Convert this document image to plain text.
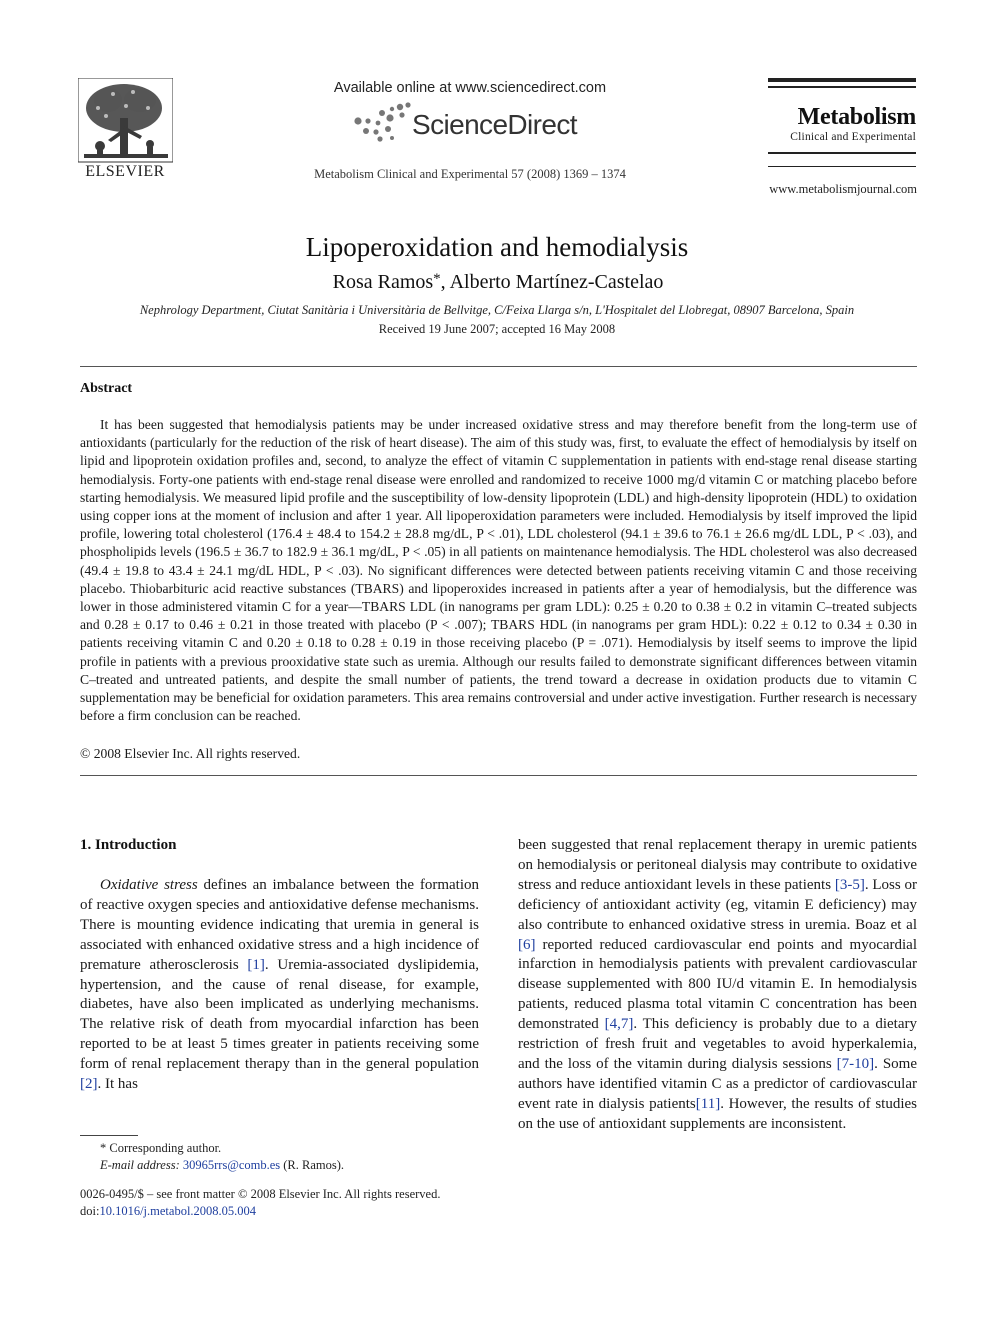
ELSEVIER
Available online at www.sciencedirect.com
ScienceDirect
Metabolism Clinical and Experimental 57 (2008) 1369 – 1374
Metabolism
Clinical and Experimental
www.metabolismjournal.com
Lipoperoxidation and hemodialysis
Rosa Ramos*, Alberto Martínez-Castelao
Nephrology Department, Ciutat Sanitària i Universitària de Bellvitge, C/Feixa Llarga s/n, L'Hospitalet del Llobregat, 08907 Barcelona, Spain
Received 19 June 2007; accepted 16 May 2008
Abstract
It has been suggested that hemodialysis patients may be under increased oxidative stress and may therefore benefit from the long-term use of antioxidants (particularly for the reduction of the risk of heart disease). The aim of this study was, first, to evaluate the effect of hemodialysis by itself on lipid and lipoprotein oxidation profiles and, second, to analyze the effect of vitamin C supplementation in patients with end-stage renal disease starting hemodialysis. Forty-one patients with end-stage renal disease were enrolled and randomized to receive 1000 mg/d vitamin C or matching placebo before starting hemodialysis. We measured lipid profile and the susceptibility of low-density lipoprotein (LDL) and high-density lipoprotein (HDL) to oxidation using copper ions at the moment of inclusion and after 1 year. All lipoperoxidation parameters were included. Hemodialysis by itself improved the lipid profile, lowering total cholesterol (176.4 ± 48.4 to 154.2 ± 28.8 mg/dL, P < .01), LDL cholesterol (94.1 ± 39.6 to 76.1 ± 26.6 mg/dL LDL, P < .03), and phospholipids levels (196.5 ± 36.7 to 182.9 ± 36.1 mg/dL, P < .05) in all patients on maintenance hemodialysis. The HDL cholesterol was also decreased (49.4 ± 19.8 to 43.4 ± 24.1 mg/dL HDL, P < .03). No significant differences were detected between patients receiving vitamin C and those receiving placebo. Thiobarbituric acid reactive substances (TBARS) and lipoperoxides increased in patients after a year of hemodialysis, but the difference was lower in those administered vitamin C for a year—TBARS LDL (in nanograms per gram LDL): 0.25 ± 0.20 to 0.38 ± 0.2 in vitamin C–treated subjects and 0.28 ± 0.17 to 0.46 ± 0.21 in those treated with placebo (P < .007); TBARS HDL (in nanograms per gram HDL): 0.22 ± 0.12 to 0.34 ± 0.30 in patients receiving vitamin C and 0.20 ± 0.18 to 0.28 ± 0.19 in those receiving placebo (P = .071). Hemodialysis by itself seems to improve the lipid profile in patients with a previous prooxidative state such as uremia. Although our results failed to demonstrate significant differences between vitamin C–treated and untreated patients, and despite the small number of patients, the trend toward a decrease in oxidation products due to vitamin C supplementation may be beneficial for oxidation parameters. This area remains controversial and under active investigation. Further research is necessary before a firm conclusion can be reached.
© 2008 Elsevier Inc. All rights reserved.
1. Introduction
Oxidative stress defines an imbalance between the formation of reactive oxygen species and antioxidative defense mechanisms. There is mounting evidence indicating that uremia in general is associated with enhanced oxidative stress and a high incidence of premature atherosclerosis [1]. Uremia-associated dyslipidemia, hypertension, and the cause of renal disease, for example, diabetes, have also been implicated as underlying mechanisms. The relative risk of death from myocardial infarction has been reported to be at least 5 times greater in patients receiving some form of renal replacement therapy than in the general population [2]. It has
been suggested that renal replacement therapy in uremic patients on hemodialysis or peritoneal dialysis may contribute to oxidative stress and reduce antioxidant levels in these patients [3-5]. Loss or deficiency of antioxidant activity (eg, vitamin E deficiency) may also contribute to enhanced oxidative stress in uremia. Boaz et al [6] reported reduced cardiovascular end points and myocardial infarction in hemodialysis patients with prevalent cardiovascular disease supplemented with 800 IU/d vitamin E. In hemodialysis patients, reduced plasma total vitamin C concentration has been demonstrated [4,7]. This deficiency is probably due to a dietary restriction of fresh fruit and vegetables to avoid hyperkalemia, and the loss of the vitamin during dialysis sessions [7-10]. Some authors have identified vitamin C as a predictor of cardiovascular event rate in dialysis patients[11]. However, the results of studies on the use of antioxidant supplements are inconsistent.
* Corresponding author.
E-mail address: 30965rrs@comb.es (R. Ramos).
0026-0495/$ – see front matter © 2008 Elsevier Inc. All rights reserved.
doi:10.1016/j.metabol.2008.05.004
